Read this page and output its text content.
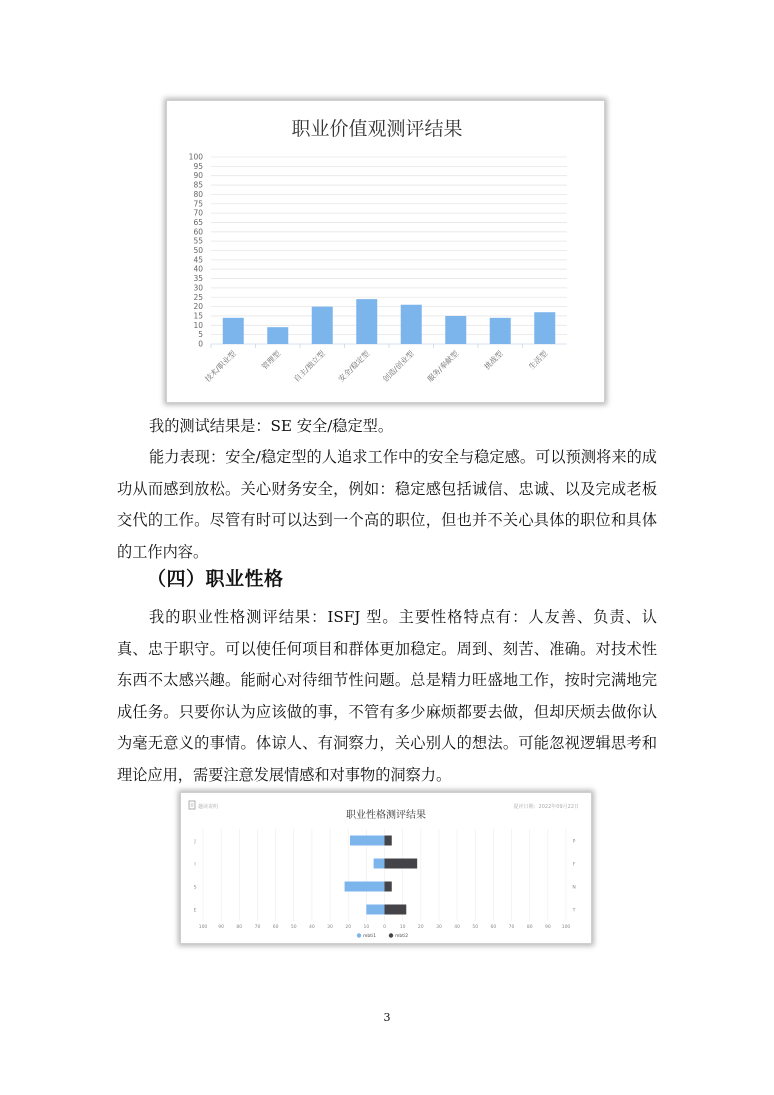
职业价值观测评结果
0
5
10
15
20
25
30
35
40
45
50
55
60
65
70
75
80
85
90
95
100
技术/职业型	管理型 自主/独立型 安全/稳定型 创造/创业型 服务/奉献型	挑战型	生活型

我的测试结果是：SE 安全/稳定型。

能力表现：安全/稳定型的人追求工作中的安全与稳定感。可以预测将来的成功从而感到放松。关心财务安全，例如：稳定感包括诚信、忠诚、以及完成老板交代的工作。尽管有时可以达到一个高的职位，但也并不关心具体的职位和具体的工作内容。

（四）职业性格

我的职业性格测评结果：ISFJ 型。主要性格特点有：人友善、负责、认真、忠于职守。可以使任何项目和群体更加稳定。周到、刻苦、准确。对技术性东西不太感兴趣。能耐心对待细节性问题。总是精力旺盛地工作，按时完满地完成任务。只要你认为应该做的事，不管有多少麻烦都要去做，但却厌烦去做你认为毫无意义的事情。体谅人、有洞察力，关心别人的想法。可能忽视逻辑思考和理论应用，需要注意发展情感和对事物的洞察力。

趣读说明	提评日期：2022年09月22日
职业性格测评结果
100 90	80	70	60	50	40	30	20	10	0	10	20	30	40	50	60	70	80	90 100
J	P
I	F
S	N
E	T
mbti1	mbti2
3
